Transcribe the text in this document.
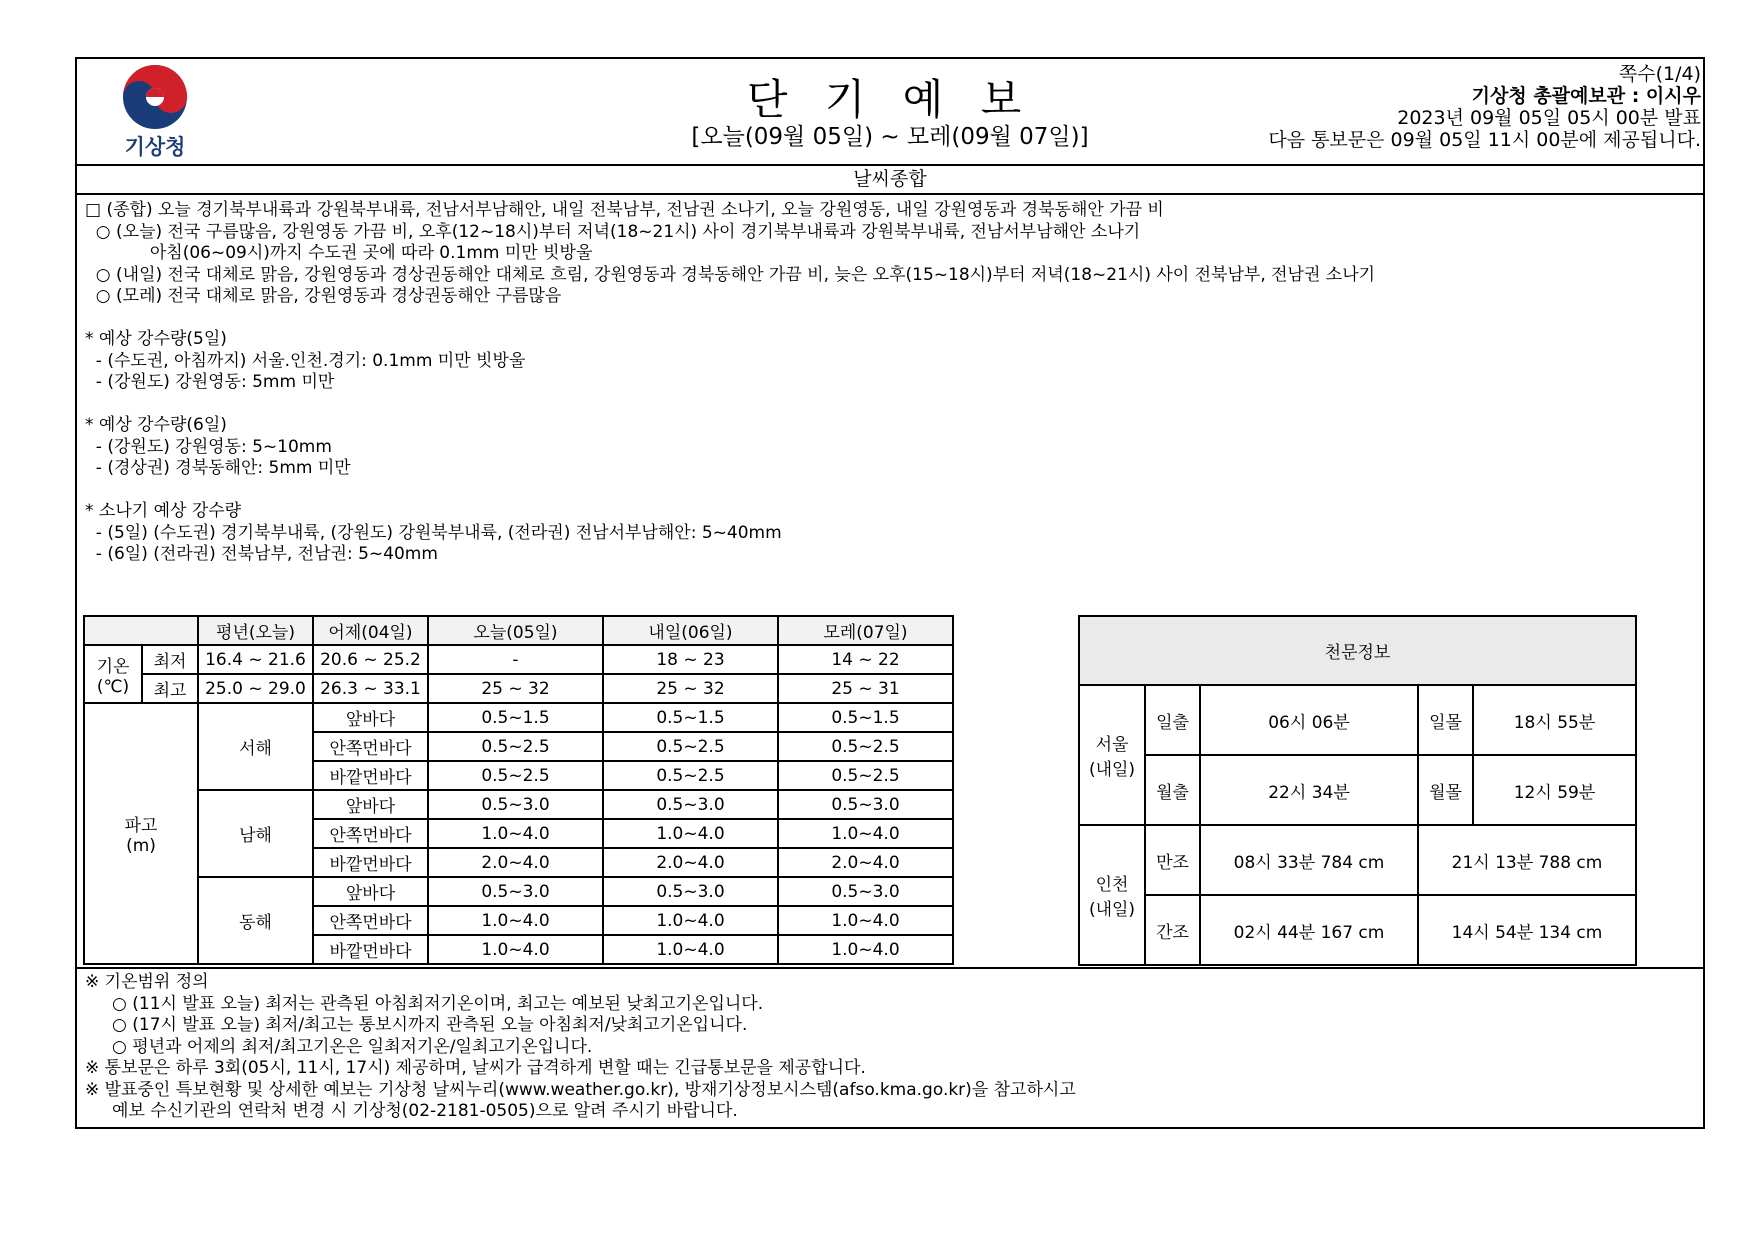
기상청
단 기 예 보
[오늘(09월 05일) ~ 모레(09월 07일)]
쪽수(1/4)
기상청 총괄예보관 : 이시우
2023년 09월 05일 05시 00분 발표
다음 통보문은 09월 05일 11시 00분에 제공됩니다.
날씨종합
□ (종합) 오늘 경기북부내륙과 강원북부내륙, 전남서부남해안, 내일 전북남부, 전남권 소나기, 오늘 강원영동, 내일 강원영동과 경북동해안 가끔 비
○ (오늘) 전국 구름많음, 강원영동 가끔 비, 오후(12~18시)부터 저녁(18~21시) 사이 경기북부내륙과 강원북부내륙, 전남서부남해안 소나기
아침(06~09시)까지 수도권 곳에 따라 0.1mm 미만 빗방울
○ (내일) 전국 대체로 맑음, 강원영동과 경상권동해안 대체로 흐림, 강원영동과 경북동해안 가끔 비, 늦은 오후(15~18시)부터 저녁(18~21시) 사이 전북남부, 전남권 소나기
○ (모레) 전국 대체로 맑음, 강원영동과 경상권동해안 구름많음
* 예상 강수량(5일)
- (수도권, 아침까지) 서울.인천.경기: 0.1mm 미만 빗방울
- (강원도) 강원영동: 5mm 미만
* 예상 강수량(6일)
- (강원도) 강원영동: 5~10mm
- (경상권) 경북동해안: 5mm 미만
* 소나기 예상 강수량
- (5일) (수도권) 경기북부내륙, (강원도) 강원북부내륙, (전라권) 전남서부남해안: 5~40mm
- (6일) (전라권) 전북남부, 전남권: 5~40mm
		평년(오늘)	어제(04일)	오늘(05일)	내일(06일)	모레(07일)

기온
(℃)	최저	16.4 ~ 21.6	20.6 ~ 25.2	-	18 ~ 23	14 ~ 22
	최고	25.0 ~ 29.0	26.3 ~ 33.1	25 ~ 32	25 ~ 32	25 ~ 31

파고
(m)		서해	앞바다	0.5~1.5	0.5~1.5	0.5~1.5
			안쪽먼바다	0.5~2.5	0.5~2.5	0.5~2.5
			바깥먼바다	0.5~2.5	0.5~2.5	0.5~2.5
		남해	앞바다	0.5~3.0	0.5~3.0	0.5~3.0
			안쪽먼바다	1.0~4.0	1.0~4.0	1.0~4.0
			바깥먼바다	2.0~4.0	2.0~4.0	2.0~4.0
		동해	앞바다	0.5~3.0	0.5~3.0	0.5~3.0
			안쪽먼바다	1.0~4.0	1.0~4.0	1.0~4.0
			바깥먼바다	1.0~4.0	1.0~4.0	1.0~4.0
천문정보				

서울
(내일)	일출	06시 06분	일몰	18시 55분
	월출	22시 34분	월몰	12시 59분

인천
(내일)	만조	08시 33분 784 cm	21시 13분 788 cm	
	간조	02시 44분 167 cm	14시 54분 134 cm	
※ 기온범위 정의
○ (11시 발표 오늘) 최저는 관측된 아침최저기온이며, 최고는 예보된 낮최고기온입니다.
○ (17시 발표 오늘) 최저/최고는 통보시까지 관측된 오늘 아침최저/낮최고기온입니다.
○ 평년과 어제의 최저/최고기온은 일최저기온/일최고기온입니다.
※ 통보문은 하루 3회(05시, 11시, 17시) 제공하며, 날씨가 급격하게 변할 때는 긴급통보문을 제공합니다.
※ 발표중인 특보현황 및 상세한 예보는 기상청 날씨누리(www.weather.go.kr), 방재기상정보시스템(afso.kma.go.kr)을 참고하시고
예보 수신기관의 연락처 변경 시 기상청(02-2181-0505)으로 알려 주시기 바랍니다.
